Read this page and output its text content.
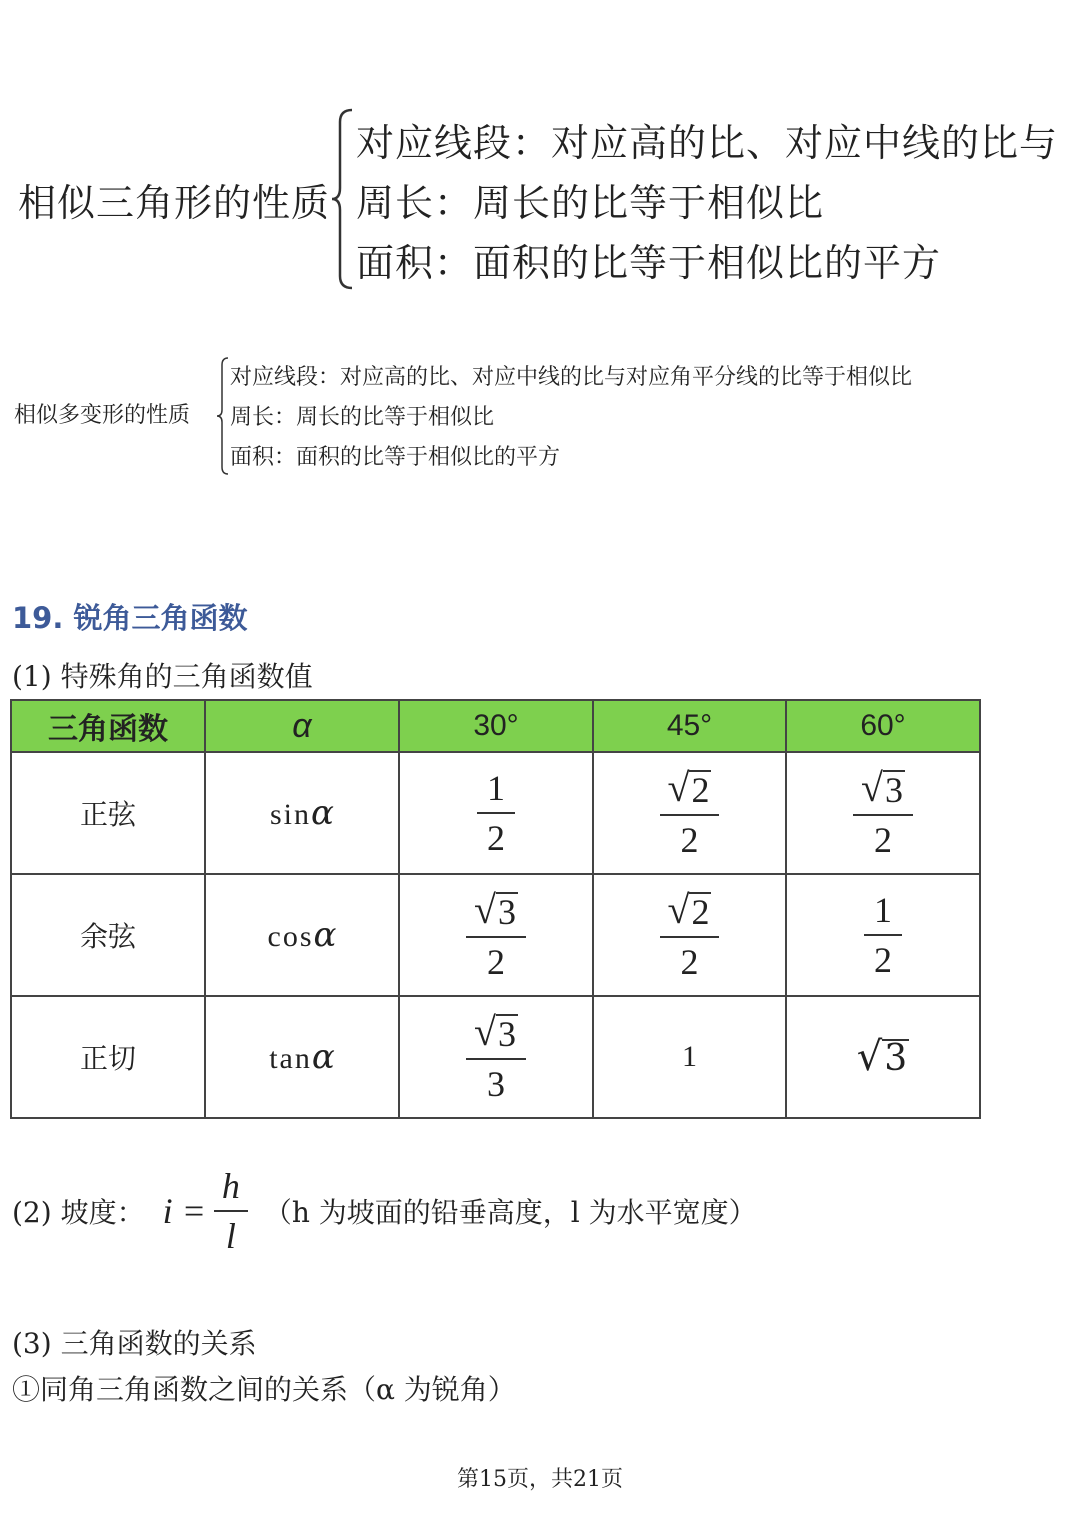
相似三角形的性质
对应线段：对应高的比、对应中线的比与
周长：周长的比等于相似比
面积：面积的比等于相似比的平方
相似多变形的性质
对应线段：对应高的比、对应中线的比与对应角平分线的比等于相似比
周长：周长的比等于相似比
面积：面积的比等于相似比的平方
19. 锐角三角函数
(1) 特殊角的三角函数值
三角函数	α	30°	45°	60°
正弦	sinα	$\frac{1}{2}$	$\frac{√ 2}{2}$	$\frac{√ 3}{2}$

余弦	cosα	$\frac{√ 3}{2}$	$\frac{√ 2}{2}$	$\frac{1}{2}$

正切	tanα	$\frac{√ 3}{3}$	1	√ 3
(2) 坡度： $i = \frac{h}{l} (h$ 为坡面的铅垂高度，l 为水平宽度）
(3) 三角函数的关系
①同角三角函数之间的关系（α 为锐角）
第15页，共21页
